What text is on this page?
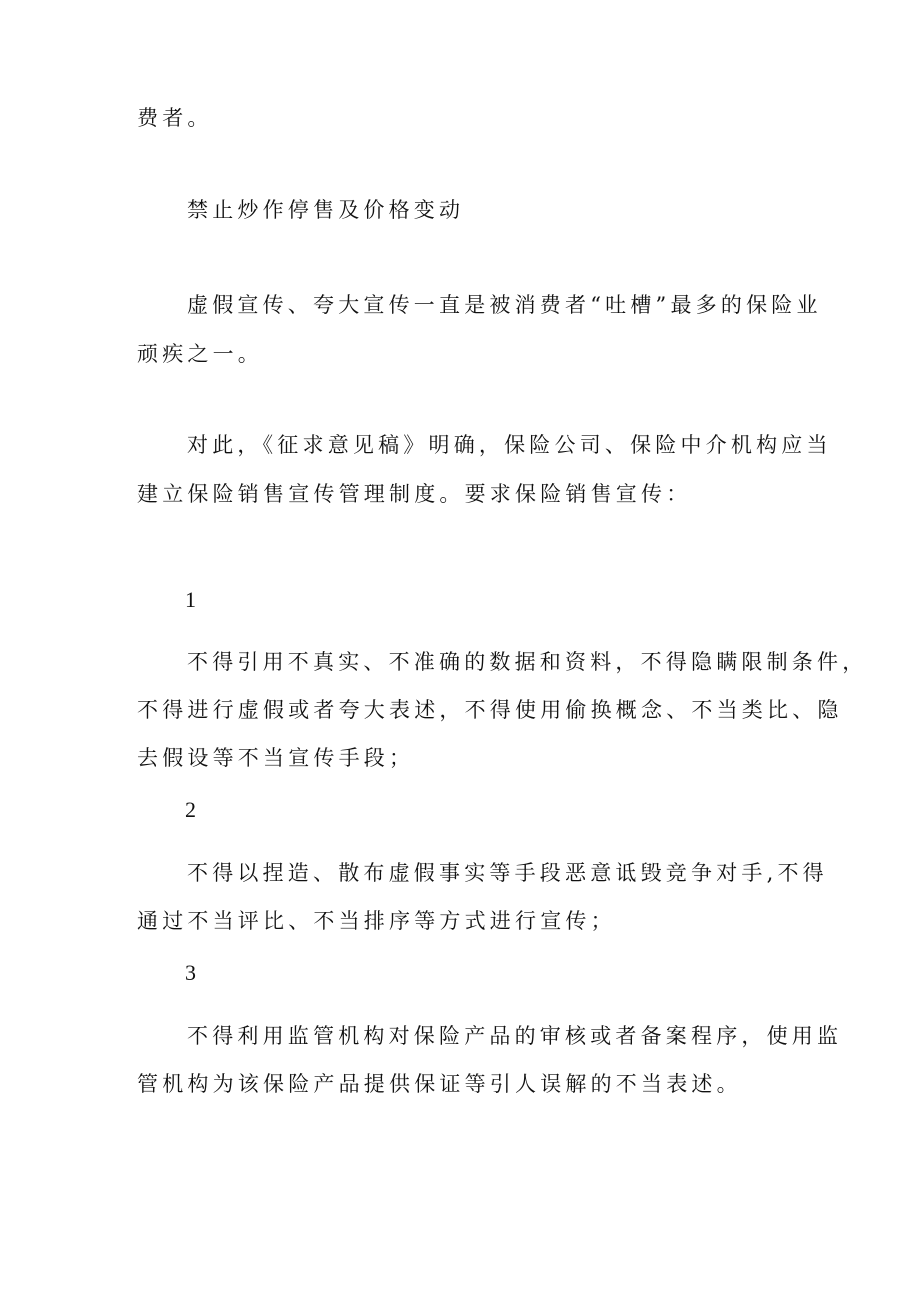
费者。
禁止炒作停售及价格变动
虚假宣传、夸大宣传一直是被消费者“吐槽”最多的保险业
顽疾之一。
对此，《征求意见稿》明确，保险公司、保险中介机构应当
建立保险销售宣传管理制度。要求保险销售宣传：
1
不得引用不真实、不准确的数据和资料，不得隐瞒限制条件，
不得进行虚假或者夸大表述，不得使用偷换概念、不当类比、隐
去假设等不当宣传手段；
2
不得以捏造、散布虚假事实等手段恶意诋毁竞争对手,不得
通过不当评比、不当排序等方式进行宣传；
3
不得利用监管机构对保险产品的审核或者备案程序，使用监
管机构为该保险产品提供保证等引人误解的不当表述。
